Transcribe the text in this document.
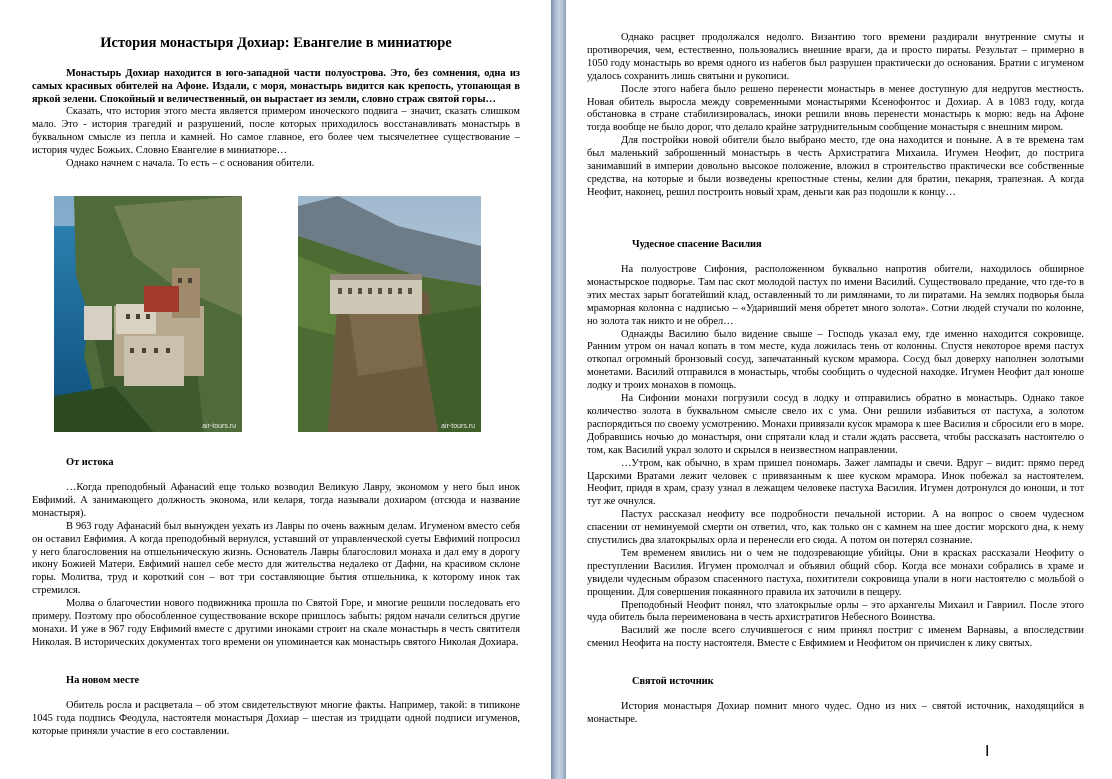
История монастыря Дохиар: Евангелие в миниатюре

Монастырь Дохиар находится в юго-западной части полуострова. Это, без сомнения, одна из самых красивых обителей на Афоне. Издали, с моря, монастырь видится как крепость, утопающая в яркой зелени. Спокойный и величественный, он вырастает из земли, словно страж святой горы…

Сказать, что история этого места является примером иноческого подвига – значит, сказать слишком мало. Это - история трагедий и разрушений, после которых приходилось восстанавливать монастырь в буквальном смысле из пепла и камней. Но самое главное, его более чем тысячелетнее существование – история чудес Божьих. Словно Евангелие в миниатюре…

Однако начнем с начала. То есть – с основания обители.

air-tours.ru	air-tours.ru
От истока

…Когда преподобный Афанасий еще только возводил Великую Лавру, экономом у него был инок Евфимий. А занимающего должность эконома, или келаря, тогда называли дохиаром (отсюда и название монастыря).

В 963 году Афанасий был вынужден уехать из Лавры по очень важным делам. Игуменом вместо себя он оставил Евфимия. А когда преподобный вернулся, уставший от управленческой суеты Евфимий попросил у него благословения на отшельническую жизнь. Основатель Лавры благословил монаха и дал ему в дорогу икону Божией Матери. Евфимий нашел себе место для жительства недалеко от Дафни, на красивом склоне горы. Молитва, труд и короткий сон – вот три составляющие бытия отшельника, к которому инок так стремился.

Молва о благочестии нового подвижника прошла по Святой Горе, и многие решили последовать его примеру. Поэтому про обособленное существование вскоре пришлось забыть: рядом начали селиться другие монахи. И уже в 967 году Евфимий вместе с другими иноками строит на скале монастырь в честь святителя Николая. В исторических документах того времени он упоминается как монастырь святого Николая Дохиара.

На новом месте

Обитель росла и расцветала – об этом свидетельствуют многие факты. Например, такой: в типиконе 1045 года подпись Феодула, настоятеля монастыря Дохиар – шестая из тридцати одной подписи игуменов, которые приняли участие в его составлении.

Однако расцвет продолжался недолго. Византию того времени раздирали внутренние смуты и противоречия, чем, естественно, пользовались внешние враги, да и просто пираты. Результат – примерно в 1050 году монастырь во время одного из набегов был разрушен практически до основания. Братии с игуменом удалось сохранить лишь святыни и рукописи.

После этого набега было решено перенести монастырь в менее доступную для недругов местность. Новая обитель выросла между современными монастырями Ксенофонтос и Дохиар. А в 1083 году, когда обстановка в стране стабилизировалась, иноки решили вновь перенести монастырь к морю: ведь на Афоне тогда вообще не было дорог, что делало крайне затруднительным сообщение монастыря с внешним миром.

Для постройки новой обители было выбрано место, где она находится и поныне. А в те времена там был маленький заброшенный монастырь в честь Архистратига Михаила. Игумен Неофит, до пострига занимавший в империи довольно высокое положение, вложил в строительство практически все собственные средства, на которые и были возведены крепостные стены, келии для братии, пекарня, трапезная. А когда Неофит, наконец, решил построить новый храм, деньги как раз подошли к концу…

Чудесное спасение Василия

На полуострове Сифония, расположенном буквально напротив обители, находилось обширное монастырское подворье. Там пас скот молодой пастух по имени Василий. Существовало предание, что где-то в этих местах зарыт богатейший клад, оставленный то ли римлянами, то ли пиратами. На землях подворья была мраморная колонна с надписью – «Ударивший меня обретет много золота». Сотни людей стучали по колонне, но золота так никто и не обрел…

Однажды Василию было видение свыше – Господь указал ему, где именно находится сокровище. Ранним утром он начал копать в том месте, куда ложилась тень от колонны. Спустя некоторое время пастух откопал огромный бронзовый сосуд, запечатанный куском мрамора. Сосуд был доверху наполнен золотыми монетами. Василий отправился в монастырь, чтобы сообщить о чудесной находке. Игумен Неофит дал юноше лодку и троих монахов в помощь.

На Сифонии монахи погрузили сосуд в лодку и отправились обратно в монастырь. Однако такое количество золота в буквальном смысле свело их с ума. Они решили избавиться от пастуха, а золотом распорядиться по своему усмотрению. Монахи привязали кусок мрамора к шее Василия и сбросили его в море. Добравшись ночью до монастыря, они спрятали клад и стали ждать рассвета, чтобы рассказать настоятелю о том, как Василий украл золото и скрылся в неизвестном направлении.

…Утром, как обычно, в храм пришел пономарь. Зажег лампады и свечи. Вдруг – видит: прямо перед Царскими Вратами лежит человек с привязанным к шее куском мрамора. Инок побежал за настоятелем. Неофит, придя в храм, сразу узнал в лежащем человеке пастуха Василия. Игумен дотронулся до юноши, и тот тут же очнулся.

Пастух рассказал неофиту все подробности печальной истории. А на вопрос о своем чудесном спасении от неминуемой смерти он ответил, что, как только он с камнем на шее достиг морского дна, к нему спустились два златокрылых орла и перенесли его сюда. А потом он потерял сознание.

Тем временем явились ни о чем не подозревающие убийцы. Они в красках рассказали Неофиту о преступлении Василия. Игумен промолчал и объявил общий сбор. Когда все монахи собрались в храме и увидели чудесным образом спасенного пастуха, похитители сокровища упали в ноги настоятелю с мольбой о прощении. Для совершения покаянного правила их заточили в пещеру.

Преподобный Неофит понял, что златокрылые орлы – это архангелы Михаил и Гавриил. После этого чуда обитель была переименована в честь архистратигов Небесного Воинства.

Василий же после всего случившегося с ним принял постриг с именем Варнавы, а впоследствии сменил Неофита на посту настоятеля. Вместе с Евфимием и Неофитом он причислен к лику святых.

Святой источник

История монастыря Дохиар помнит много чудес. Одно из них – святой источник, находящийся в монастыре.

I
